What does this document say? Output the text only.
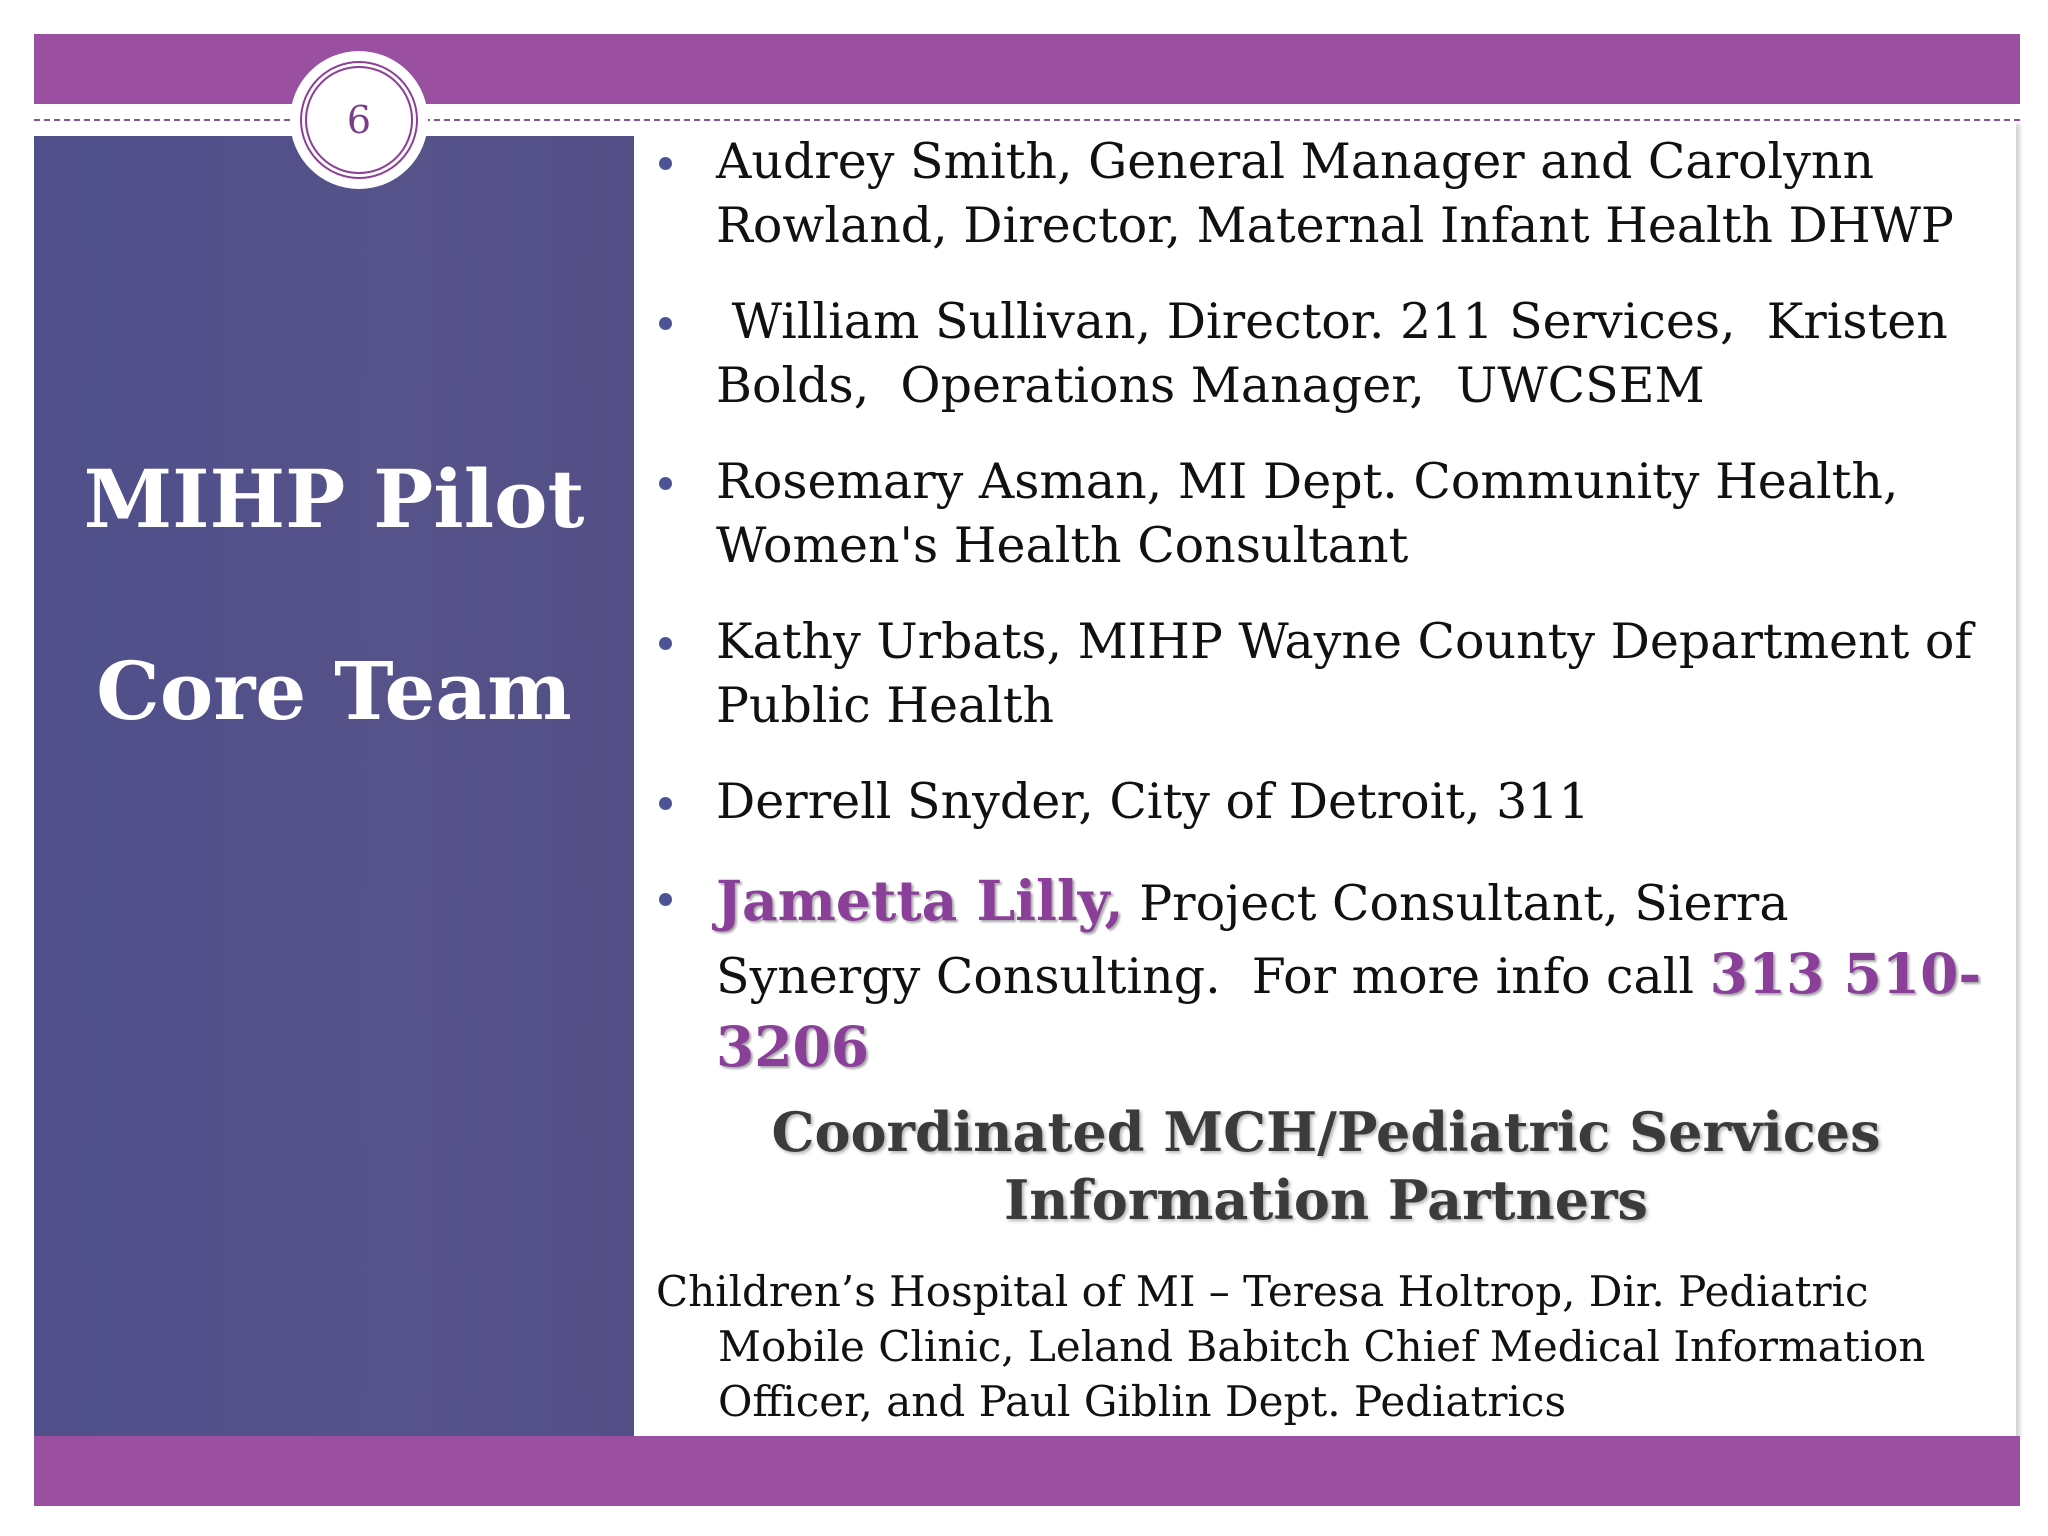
6
MIHP Pilot
Core Team
Audrey Smith, General Manager and Carolynn Rowland, Director, Maternal Infant Health DHWP
William Sullivan, Director. 211 Services,  Kristen Bolds,  Operations Manager,  UWCSEM
Rosemary Asman, MI Dept. Community Health, Women's Health Consultant
Kathy Urbats, MIHP Wayne County Department of Public Health
Derrell Snyder, City of Detroit, 311
Jametta Lilly, Project Consultant, Sierra Synergy Consulting.  For more info call 313 510-3206
Coordinated MCH/Pediatric Services
Information Partners
Children’s Hospital of MI – Teresa Holtrop, Dir. Pediatric Mobile Clinic, Leland Babitch Chief Medical Information Officer, and Paul Giblin Dept. Pediatrics
